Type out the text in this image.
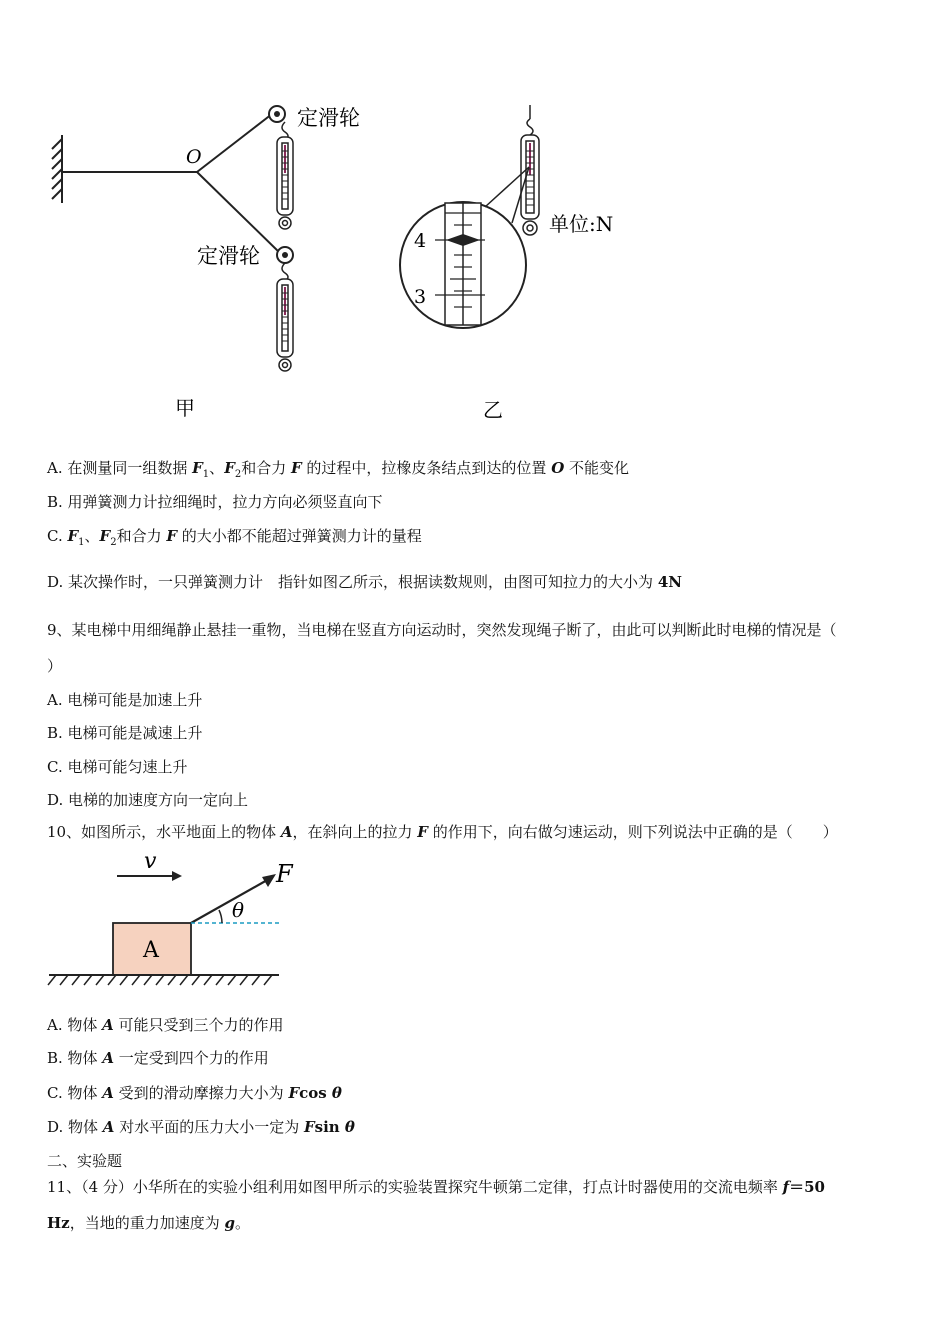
定滑轮
定滑轮
O
甲
单位:N
4
3
乙
A. 在测量同一组数据 $F_1$、$F_2$和合力 F 的过程中，拉橡皮条结点到达的位置 O 不能变化
B. 用弹簧测力计拉细绳时，拉力方向必须竖直向下
C. $F_1$、$F_2$和合力 F 的大小都不能超过弹簧测力计的量程
D. 某次操作时，一只弹簧测力计　指针如图乙所示，根据读数规则，由图可知拉力的大小为 4N
9、某电梯中用细绳静止悬挂一重物，当电梯在竖直方向运动时，突然发现绳子断了，由此可以判断此时电梯的情况是（
）
A. 电梯可能是加速上升
B. 电梯可能是减速上升
C. 电梯可能匀速上升
D. 电梯的加速度方向一定向上
10、如图所示，水平地面上的物体 A，在斜向上的拉力 F 的作用下，向右做匀速运动，则下列说法中正确的是（　　）
v
A
F
θ
A. 物体 A 可能只受到三个力的作用
B. 物体 A 一定受到四个力的作用
C. 物体 A 受到的滑动摩擦力大小为 Fcos θ
D. 物体 A 对水平面的压力大小一定为 Fsin θ
二、实验题
11、（4 分）小华所在的实验小组利用如图甲所示的实验装置探究牛顿第二定律，打点计时器使用的交流电频率 f＝50
Hz，当地的重力加速度为 g。
